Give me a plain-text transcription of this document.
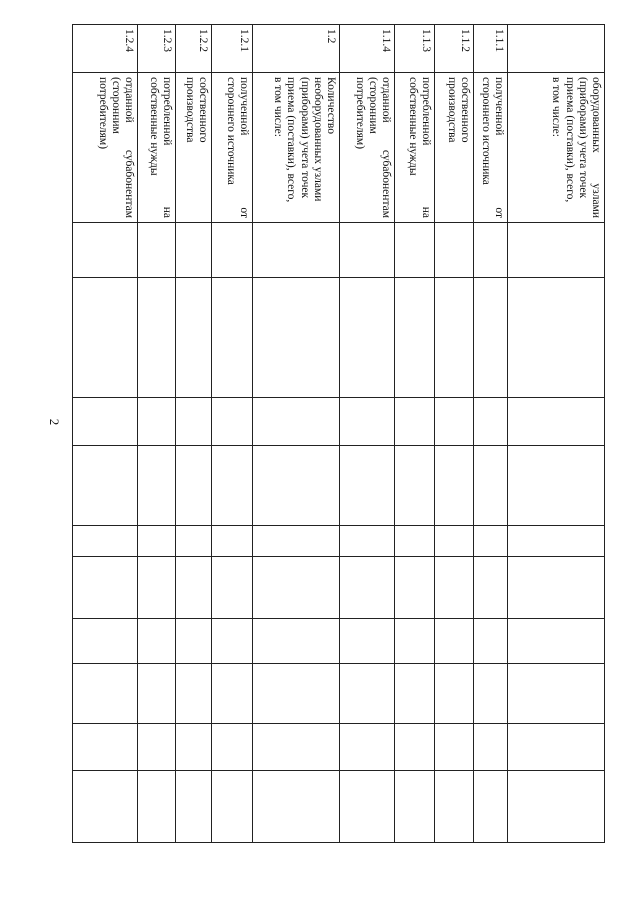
2

	оборудованных узлами
(приборами) учета точек
приема (поставки), всего,
в том числе:										

1.1.1	полученной от
стороннего источника										

1.1.2	собственного
производства										

1.1.3	потребленной на
собственные нужды										

1.1.4	отданной субабонентам
(сторонним
потребителям)										

1.2	Количество
необорудованных узлами
(приборами) учета точек
приема (поставки), всего,
в том числе:										

1.2.1	полученной от
стороннего источника										

1.2.2	собственного
производства										

1.2.3	потребленной на
собственные нужды										

1.2.4	отданной субабонентам
(сторонним
потребителям)										
